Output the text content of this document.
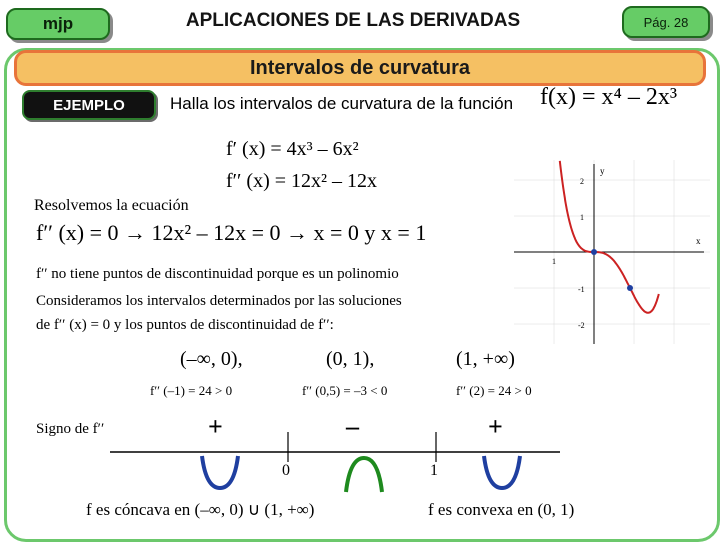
mjp	APLICACIONES DE LAS DERIVADAS	Pág. 28
Intervalos de curvatura
EJEMPLO	Halla los intervalos de curvatura de la función f(x) = x⁴ – 2x³
f′ (x) = 4x³ – 6x²
f′′ (x) = 12x² – 12x
Resolvemos la ecuación
f′′ (x) = 0 → 12x² – 12x = 0 → x = 0 y x = 1
f′′ no tiene puntos de discontinuidad porque es un polinomio
Consideramos los intervalos determinados por las soluciones
de f′′ (x) = 0 y los puntos de discontinuidad de f′′:
(–∞, 0),	(0, 1),	(1, +∞)
f′′ (–1) = 24 > 0	f′′ (0,5) = –3 < 0	f′′ (2) = 24 > 0
Signo de f′′	+	–	+
0	1
f es cóncava en (–∞, 0) ∪ (1, +∞)	f es convexa en (0, 1)
y
x
2
1
-1
-2
1
